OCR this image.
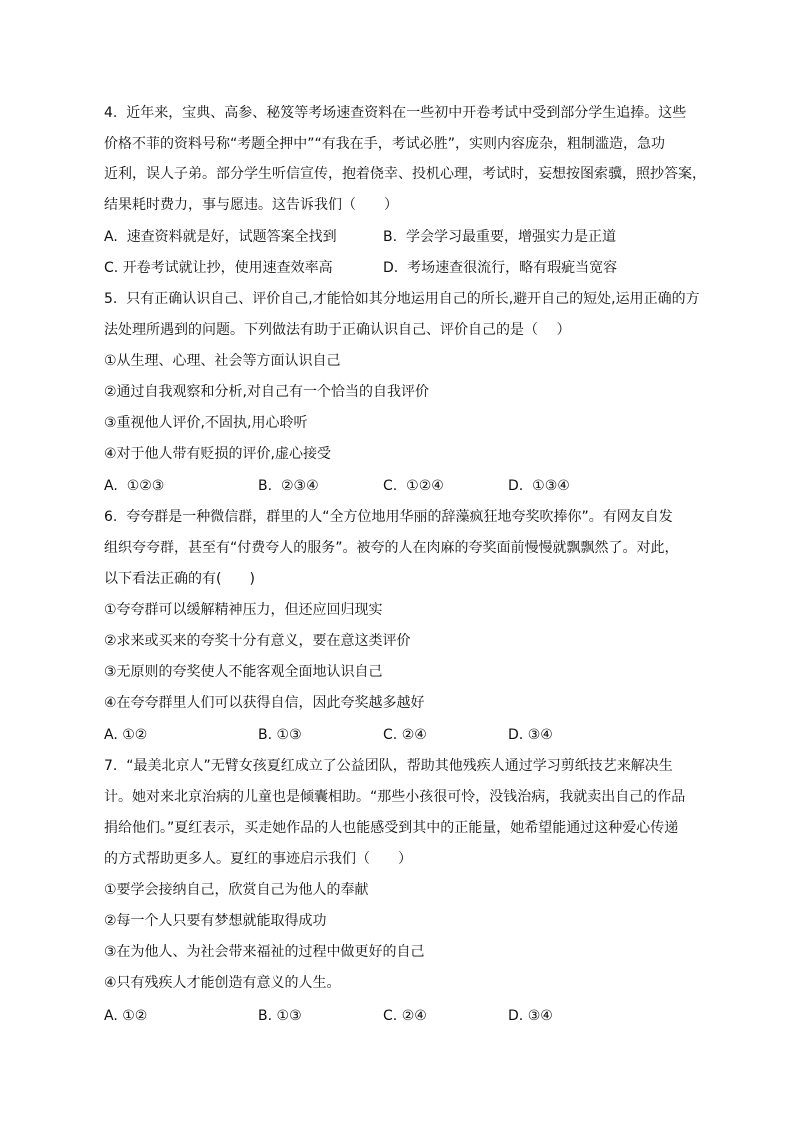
4. 近年来，宝典、高参、秘笈等考场速查资料在一些初中开卷考试中受到部分学生追捧。这些
价格不菲的资料号称“考题全押中”“有我在手，考试必胜”，实则内容庞杂，粗制滥造，急功
近利，误人子弟。部分学生听信宣传，抱着侥幸、投机心理，考试时，妄想按图索骥，照抄答案，
结果耗时费力，事与愿违。这告诉我们（　　）
A. 速查资料就是好，试题答案全找到	B. 学会学习最重要，增强实力是正道
C. 开卷考试就让抄，使用速查效率高	D. 考场速查很流行，略有瑕疵当宽容
5. 只有正确认识自己、评价自己,才能恰如其分地运用自己的所长,避开自己的短处,运用正确的方
法处理所遇到的问题。下列做法有助于正确认识自己、评价自己的是（　 ）
①从生理、心理、社会等方面认识自己
②通过自我观察和分析,对自己有一个恰当的自我评价
③重视他人评价,不固执,用心聆听
④对于他人带有贬损的评价,虚心接受
A. ①②③	B. ②③④	C. ①②④	D. ①③④
6. 夸夸群是一种微信群，群里的人“全方位地用华丽的辞藻疯狂地夸奖吹捧你”。有网友自发
组织夸夸群，甚至有“付费夸人的服务”。被夸的人在肉麻的夸奖面前慢慢就飘飘然了。对此，
以下看法正确的有(　　)
①夸夸群可以缓解精神压力，但还应回归现实
②求来或买来的夸奖十分有意义，要在意这类评价
③无原则的夸奖使人不能客观全面地认识自己
④在夸夸群里人们可以获得自信，因此夸奖越多越好
A. ①②	B. ①③	C. ②④	D. ③④
7. “最美北京人”无臂女孩夏红成立了公益团队，帮助其他残疾人通过学习剪纸技艺来解决生
计。她对来北京治病的儿童也是倾囊相助。“那些小孩很可怜，没钱治病，我就卖出自己的作品
捐给他们。”夏红表示，买走她作品的人也能感受到其中的正能量，她希望能通过这种爱心传递
的方式帮助更多人。夏红的事迹启示我们（　　）
①要学会接纳自己，欣赏自己为他人的奉献
②每一个人只要有梦想就能取得成功
③在为他人、为社会带来福祉的过程中做更好的自己
④只有残疾人才能创造有意义的人生。
A. ①②	B. ①③	C. ②④	D. ③④
